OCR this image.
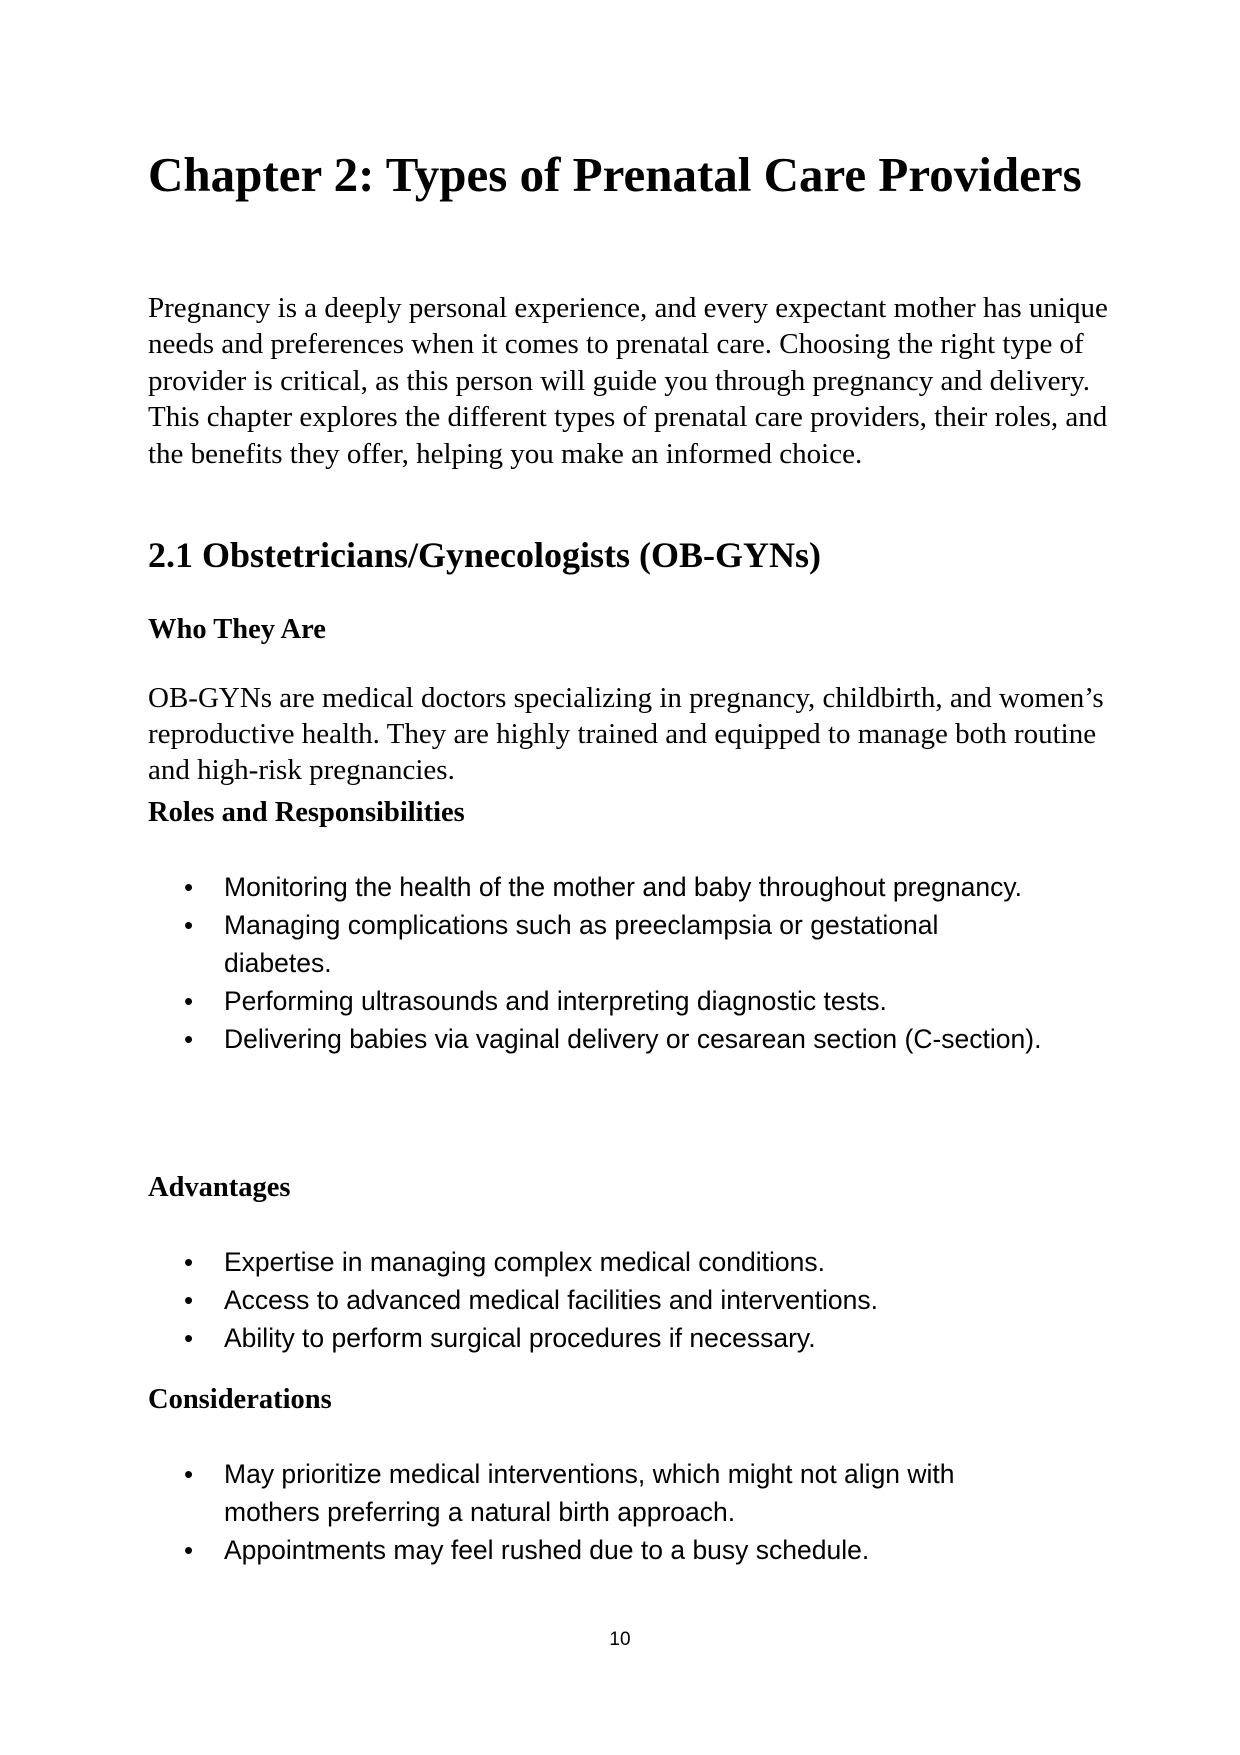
Chapter 2: Types of Prenatal Care Providers

Pregnancy is a deeply personal experience, and every expectant mother has unique needs and preferences when it comes to prenatal care. Choosing the right type of provider is critical, as this person will guide you through pregnancy and delivery. This chapter explores the different types of prenatal care providers, their roles, and the benefits they offer, helping you make an informed choice.

2.1 Obstetricians/Gynecologists (OB-GYNs)
Who They Are

OB-GYNs are medical doctors specializing in pregnancy, childbirth, and women’s reproductive health. They are highly trained and equipped to manage both routine and high-risk pregnancies.

Roles and Responsibilities
• Monitoring the health of the mother and baby throughout pregnancy.
• Managing complications such as preeclampsia or gestational diabetes.
• Performing ultrasounds and interpreting diagnostic tests.
• Delivering babies via vaginal delivery or cesarean section (C-section).
Advantages
• Expertise in managing complex medical conditions.
• Access to advanced medical facilities and interventions.
• Ability to perform surgical procedures if necessary.
Considerations
• May prioritize medical interventions, which might not align with mothers preferring a natural birth approach.
• Appointments may feel rushed due to a busy schedule.
10
